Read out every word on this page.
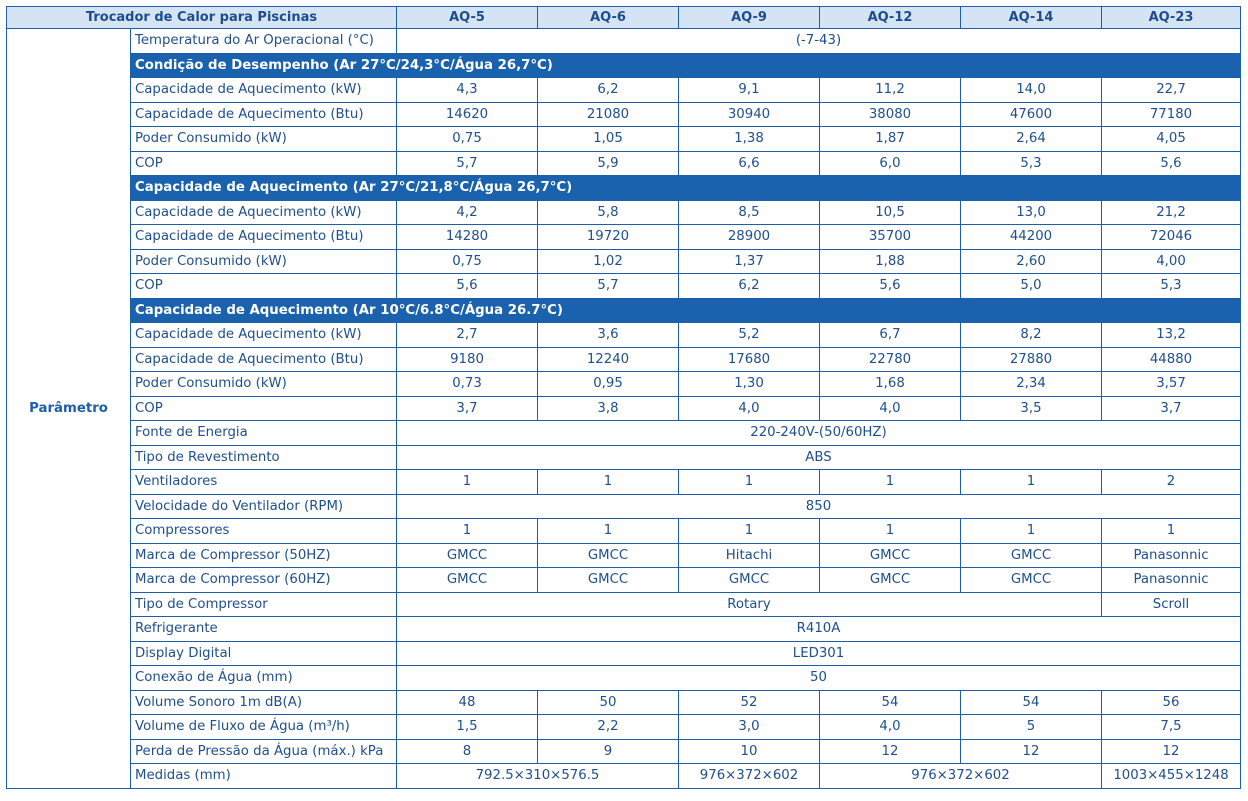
Trocador de Calor para Piscinas		AQ-5	AQ-6	AQ-9	AQ-12	AQ-14	AQ-23
Parâmetro	Temperatura do Ar Operacional (°C)	(-7-43)					
	Condição de Desempenho (Ar 27°C/24,3°C/Água 26,7°C)						
	Capacidade de Aquecimento (kW)	4,3	6,2	9,1	11,2	14,0	22,7
	Capacidade de Aquecimento (Btu)	14620	21080	30940	38080	47600	77180
	Poder Consumido (kW)	0,75	1,05	1,38	1,87	2,64	4,05
	COP	5,7	5,9	6,6	6,0	5,3	5,6
	Capacidade de Aquecimento (Ar 27°C/21,8°C/Água 26,7°C)						
	Capacidade de Aquecimento (kW)	4,2	5,8	8,5	10,5	13,0	21,2
	Capacidade de Aquecimento (Btu)	14280	19720	28900	35700	44200	72046
	Poder Consumido (kW)	0,75	1,02	1,37	1,88	2,60	4,00
	COP	5,6	5,7	6,2	5,6	5,0	5,3
	Capacidade de Aquecimento (Ar 10°C/6.8°C/Água 26.7°C)						
	Capacidade de Aquecimento (kW)	2,7	3,6	5,2	6,7	8,2	13,2
	Capacidade de Aquecimento (Btu)	9180	12240	17680	22780	27880	44880
	Poder Consumido (kW)	0,73	0,95	1,30	1,68	2,34	3,57
	COP	3,7	3,8	4,0	4,0	3,5	3,7
	Fonte de Energia	220-240V-(50/60HZ)					
	Tipo de Revestimento	ABS					
	Ventiladores	1	1	1	1	1	2
	Velocidade do Ventilador (RPM)	850					
	Compressores	1	1	1	1	1	1
	Marca de Compressor (50HZ)	GMCC	GMCC	Hitachi	GMCC	GMCC	Panasonnic
	Marca de Compressor (60HZ)	GMCC	GMCC	GMCC	GMCC	GMCC	Panasonnic
	Tipo de Compressor	Rotary					Scroll
	Refrigerante	R410A					
	Display Digital	LED301					
	Conexão de Água (mm)	50					
	Volume Sonoro 1m dB(A)	48	50	52	54	54	56
	Volume de Fluxo de Água (m³/h)	1,5	2,2	3,0	4,0	5	7,5
	Perda de Pressão da Água (máx.) kPa	8	9	10	12	12	12
	Medidas (mm)	792.5×310×576.5		976×372×602	976×372×602		1003×455×1248
